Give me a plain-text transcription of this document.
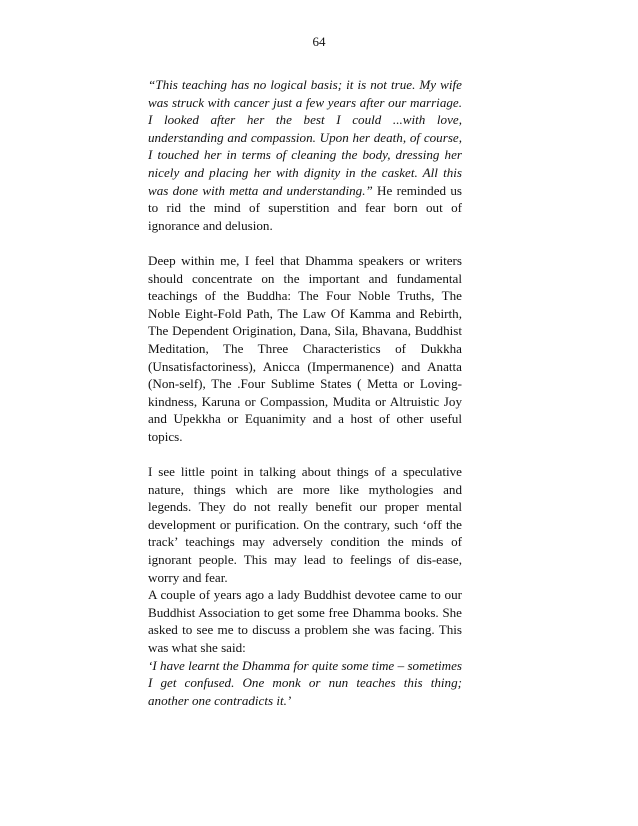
64

“This teaching has no logical basis; it is not true. My wife was struck with cancer just a few years after our marriage. I looked after her the best I could ...with love, understanding and compassion. Upon her death, of course, I touched her in terms of cleaning the body, dressing her nicely and placing her with dignity in the casket. All this was done with metta and understanding.” He reminded us to rid the mind of superstition and fear born out of ignorance and delusion.

Deep within me, I feel that Dhamma speakers or writers should concentrate on the important and fundamental teachings of the Buddha: The Four Noble Truths, The Noble Eight-Fold Path, The Law Of Kamma and Rebirth, The Dependent Origination, Dana, Sila, Bhavana, Buddhist Meditation, The Three Characteristics of Dukkha (Unsatisfactoriness), Anicca (Impermanence) and Anatta (Non-self), The .Four Sublime States ( Metta or Loving-kindness, Karuna or Compassion, Mudita or Altruistic Joy and Upekkha or Equanimity and a host of other useful topics.

I see little point in talking about things of a speculative nature, things which are more like mythologies and legends. They do not really benefit our proper mental development or purification. On the contrary, such ‘off the track’ teachings may adversely condition the minds of ignorant people. This may lead to feelings of dis-ease, worry and fear.

A couple of years ago a lady Buddhist devotee came to our Buddhist Association to get some free Dhamma books. She asked to see me to discuss a problem she was facing. This was what she said:

‘I have learnt the Dhamma for quite some time – sometimes I get confused. One monk or nun teaches this thing; another one contradicts it.’
